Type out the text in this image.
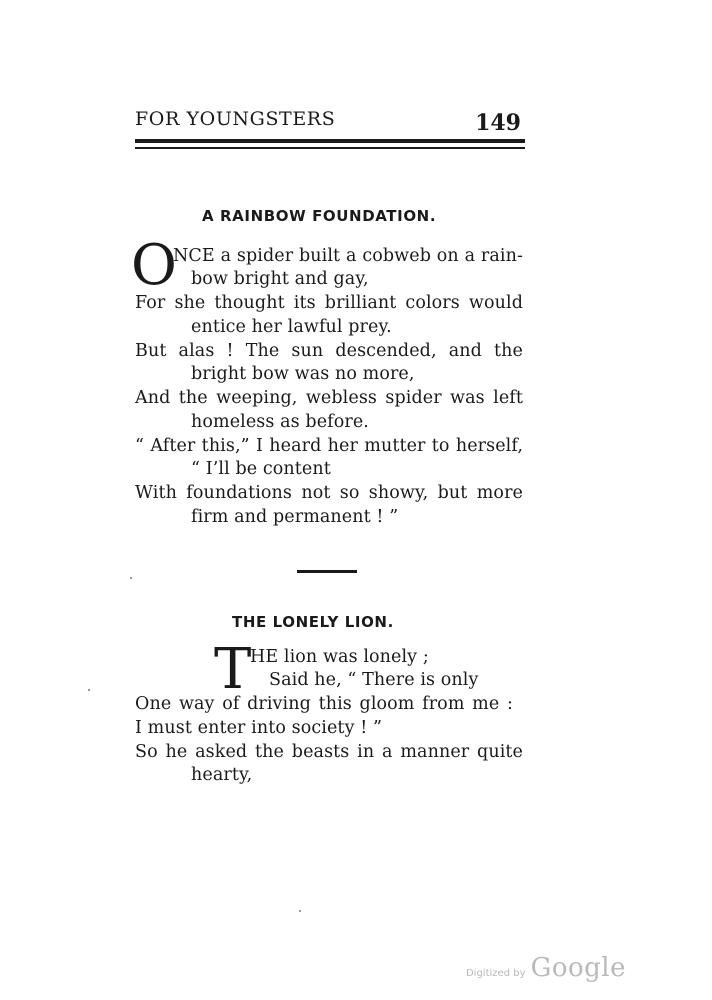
FOR YOUNGSTERS	149
A RAINBOW FOUNDATION.
O
NCE a spider built a cobweb on a rain-
bow bright and gay,
For she thought its brilliant colors would
entice her lawful prey.
But alas ! The sun descended, and the
bright bow was no more,
And the weeping, webless spider was left
homeless as before.
“ After this,” I heard her mutter to herself,
“ I’ll be content
With foundations not so showy, but more
firm and permanent ! ”
THE LONELY LION.
T
HE lion was lonely ;
Said he, “ There is only
One way of driving this gloom from me :
I must enter into society ! ”
So he asked the beasts in a manner quite
hearty,
Digitized by Google
